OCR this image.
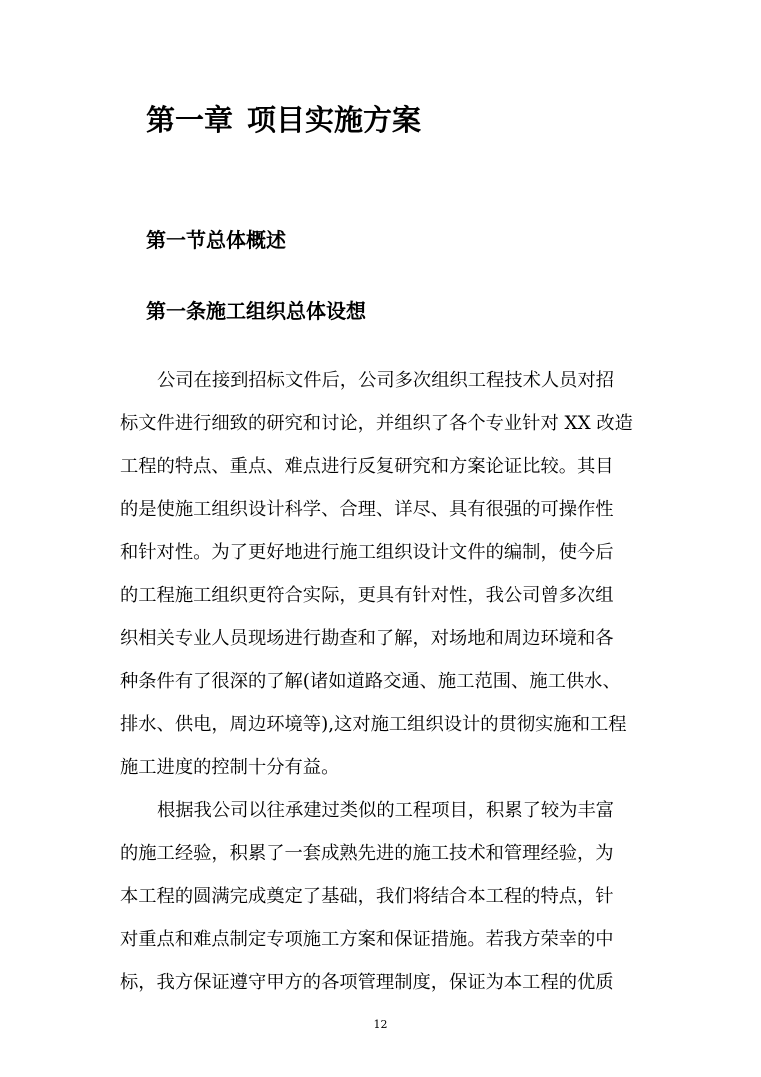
第一章 项目实施方案
第一节总体概述
第一条施工组织总体设想
公司在接到招标文件后，公司多次组织工程技术人员对招
标文件进行细致的研究和讨论，并组织了各个专业针对 XX 改造
工程的特点、重点、难点进行反复研究和方案论证比较。其目
的是使施工组织设计科学、合理、详尽、具有很强的可操作性
和针对性。为了更好地进行施工组织设计文件的编制，使今后
的工程施工组织更符合实际，更具有针对性，我公司曾多次组
织相关专业人员现场进行勘查和了解，对场地和周边环境和各
种条件有了很深的了解(诸如道路交通、施工范围、施工供水、
排水、供电，周边环境等),这对施工组织设计的贯彻实施和工程
施工进度的控制十分有益。
根据我公司以往承建过类似的工程项目，积累了较为丰富
的施工经验，积累了一套成熟先进的施工技术和管理经验，为
本工程的圆满完成奠定了基础，我们将结合本工程的特点，针
对重点和难点制定专项施工方案和保证措施。若我方荣幸的中
标，我方保证遵守甲方的各项管理制度，保证为本工程的优质
12
